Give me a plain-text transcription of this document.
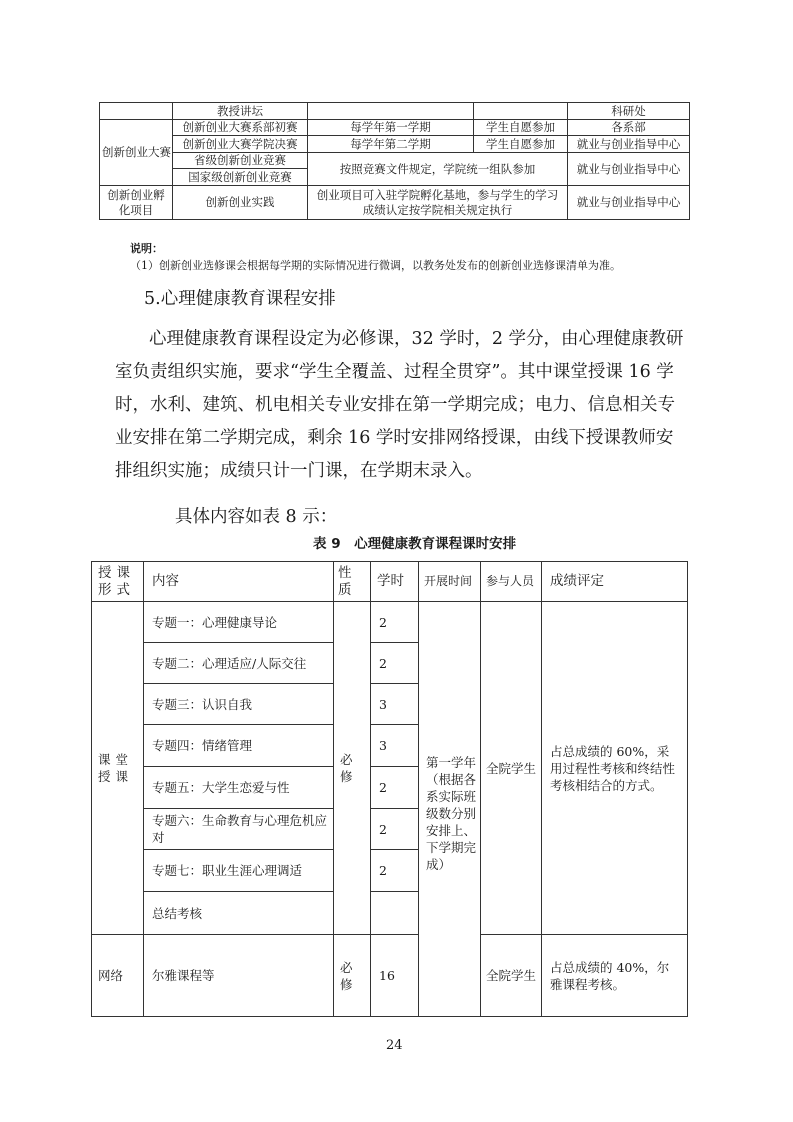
	教授讲坛			科研处
创新创业大赛	创新创业大赛系部初赛	每学年第一学期	学生自愿参加	各系部
	创新创业大赛学院决赛	每学年第二学期	学生自愿参加	就业与创业指导中心
	省级创新创业竞赛	按照竞赛文件规定，学院统一组队参加		就业与创业指导中心
	国家级创新创业竞赛			
创新创业孵化项目	创新创业实践	创业项目可入驻学院孵化基地，参与学生的学习成绩认定按学院相关规定执行		就业与创业指导中心
说明：
（1）创新创业选修课会根据每学期的实际情况进行微调，以教务处发布的创新创业选修课清单为准。
5.心理健康教育课程安排
心理健康教育课程设定为必修课，32 学时，2 学分，由心理健康教研室负责组织实施，要求“学生全覆盖、过程全贯穿”。其中课堂授课 16 学时，水利、建筑、机电相关专业安排在第一学期完成；电力、信息相关专业安排在第二学期完成，剩余 16 学时安排网络授课，由线下授课教师安排组织实施；成绩只计一门课，在学期末录入。
具体内容如表 8 示：
表 9　心理健康教育课程课时安排
授课形式	内容	性质	学时	开展时间	参与人员	成绩评定
课堂授课	专题一：心理健康导论	必修	2	第一学年（根据各系实际班级数分别安排上、下学期完成）	全院学生	占总成绩的 60%，采用过程性考核和终结性考核相结合的方式。
	专题二：心理适应/人际交往		2			
	专题三：认识自我		3			
	专题四：情绪管理		3			
	专题五：大学生恋爱与性		2			
	专题六：生命教育与心理危机应对		2			
	专题七：职业生涯心理调适		2			
	总结考核					
网络	尔雅课程等	必修	16		全院学生	占总成绩的 40%，尔雅课程考核。
24
